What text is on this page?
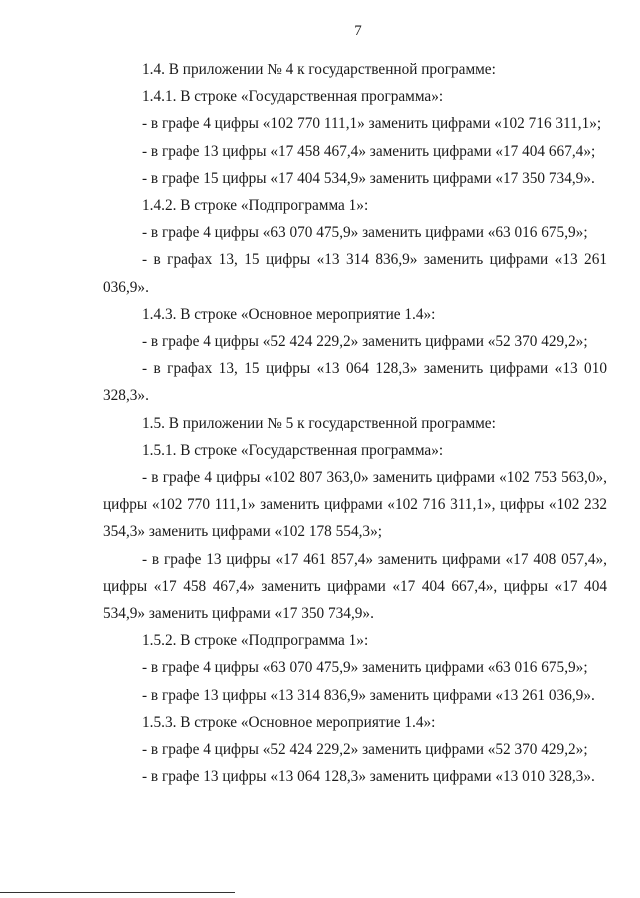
7

1.4. В приложении № 4 к государственной программе:

1.4.1. В строке «Государственная программа»:

- в графе 4 цифры «102 770 111,1» заменить цифрами «102 716 311,1»;

- в графе 13 цифры «17 458 467,4» заменить цифрами «17 404 667,4»;

- в графе 15 цифры «17 404 534,9» заменить цифрами «17 350 734,9».

1.4.2. В строке «Подпрограмма 1»:

- в графе 4 цифры «63 070 475,9» заменить цифрами «63 016 675,9»;

- в графах 13, 15 цифры «13 314 836,9» заменить цифрами «13 261 036,9».

1.4.3. В строке «Основное мероприятие 1.4»:

- в графе 4 цифры «52 424 229,2» заменить цифрами «52 370 429,2»;

- в графах 13, 15 цифры «13 064 128,3» заменить цифрами «13 010 328,3».

1.5. В приложении № 5 к государственной программе:

1.5.1. В строке «Государственная программа»:

- в графе 4 цифры «102 807 363,0» заменить цифрами «102 753 563,0», цифры «102 770 111,1» заменить цифрами «102 716 311,1», цифры «102 232 354,3» заменить цифрами «102 178 554,3»;

- в графе 13 цифры «17 461 857,4» заменить цифрами «17 408 057,4», цифры «17 458 467,4» заменить цифрами «17 404 667,4», цифры «17 404 534,9» заменить цифрами «17 350 734,9».

1.5.2. В строке «Подпрограмма 1»:

- в графе 4 цифры «63 070 475,9» заменить цифрами «63 016 675,9»;

- в графе 13 цифры «13 314 836,9» заменить цифрами «13 261 036,9».

1.5.3. В строке «Основное мероприятие 1.4»:

- в графе 4 цифры «52 424 229,2» заменить цифрами «52 370 429,2»;

- в графе 13 цифры «13 064 128,3» заменить цифрами «13 010 328,3».
